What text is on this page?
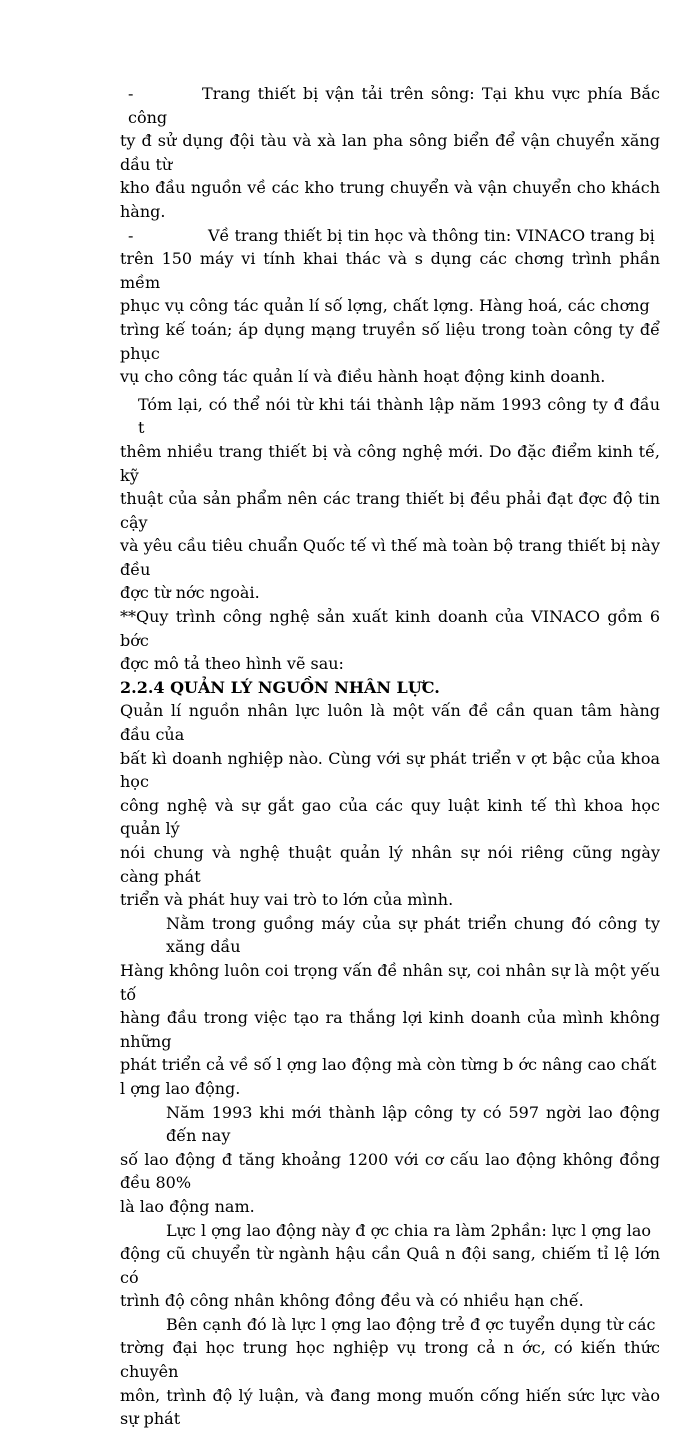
-	Trang thiết bị vận tải trên sông: Tại khu vực phía Bắc công
ty đ sử dụng đội tàu và xà lan pha sông biển để vận chuyển xăng dầu từ
kho đầu nguồn về các kho trung chuyển và vận chuyển cho khách hàng.

-	Về trang thiết bị tin học và thông tin: VINACO trang bị
trên 150 máy vi tính khai thác và s dụng các chơng trình phần mềm
phục vụ công tác quản lí số lợng, chất lợng. Hàng hoá, các chơng
trìng kế toán; áp dụng mạng truyền số liệu trong toàn công ty để phục
vụ cho công tác quản lí và điều hành hoạt động kinh doanh.

Tóm lại, có thể nói từ khi tái thành lập năm 1993 công ty đ đầu t
thêm nhiều trang thiết bị và công nghệ mới. Do đặc điểm kinh tế, kỹ
thuật của sản phẩm nên các trang thiết bị đều phải đạt đợc độ tin cậy
và yêu cầu tiêu chuẩn Quốc tế vì thế mà toàn bộ trang thiết bị này đều
đợc từ nớc ngoài.

**Quy trình công nghệ sản xuất kinh doanh của VINACO gồm 6 bớc
đợc mô tả theo hình vẽ sau:

2.2.4 QUẢN LÝ NGUỒN NHÂN LỰC.

Quản lí nguồn nhân lực luôn là một vấn đề cần quan tâm hàng đầu của
bất kì doanh nghiệp nào. Cùng với sự phát triển v ợt bậc của khoa học
công nghệ và sự gắt gao của các quy luật kinh tế thì khoa học quản lý
nói chung và nghệ thuật quản lý nhân sự nói riêng cũng ngày càng phát
triển và phát huy vai trò to lớn của mình.

Nằm trong guồng máy của sự phát triển chung đó công ty xăng dầu
Hàng không luôn coi trọng vấn đề nhân sự, coi nhân sự là một yếu tố
hàng đầu trong việc tạo ra thắng lợi kinh doanh của mình không những
phát triển cả về số l ợng lao động mà còn từng b ớc nâng cao chất
l ợng lao động.

Năm 1993 khi mới thành lập công ty có 597 ngời lao động đến nay
số lao động đ tăng khoảng 1200 với cơ cấu lao động không đồng đều 80%
là lao động nam.

Lực l ợng lao động này đ ợc chia ra làm 2phần: lực l ợng lao
động cũ chuyển từ ngành hậu cần Quâ n đội sang, chiếm tỉ lệ lớn có
trình độ công nhân không đồng đều và có nhiều hạn chế.

Bên cạnh đó là lực l ợng lao động trẻ đ ợc tuyển dụng từ các
trờng đại học trung học nghiệp vụ trong cả n ớc, có kiến thức chuyên
môn, trình độ lý luận, và đang mong muốn cống hiến sức lực vào sự phát
